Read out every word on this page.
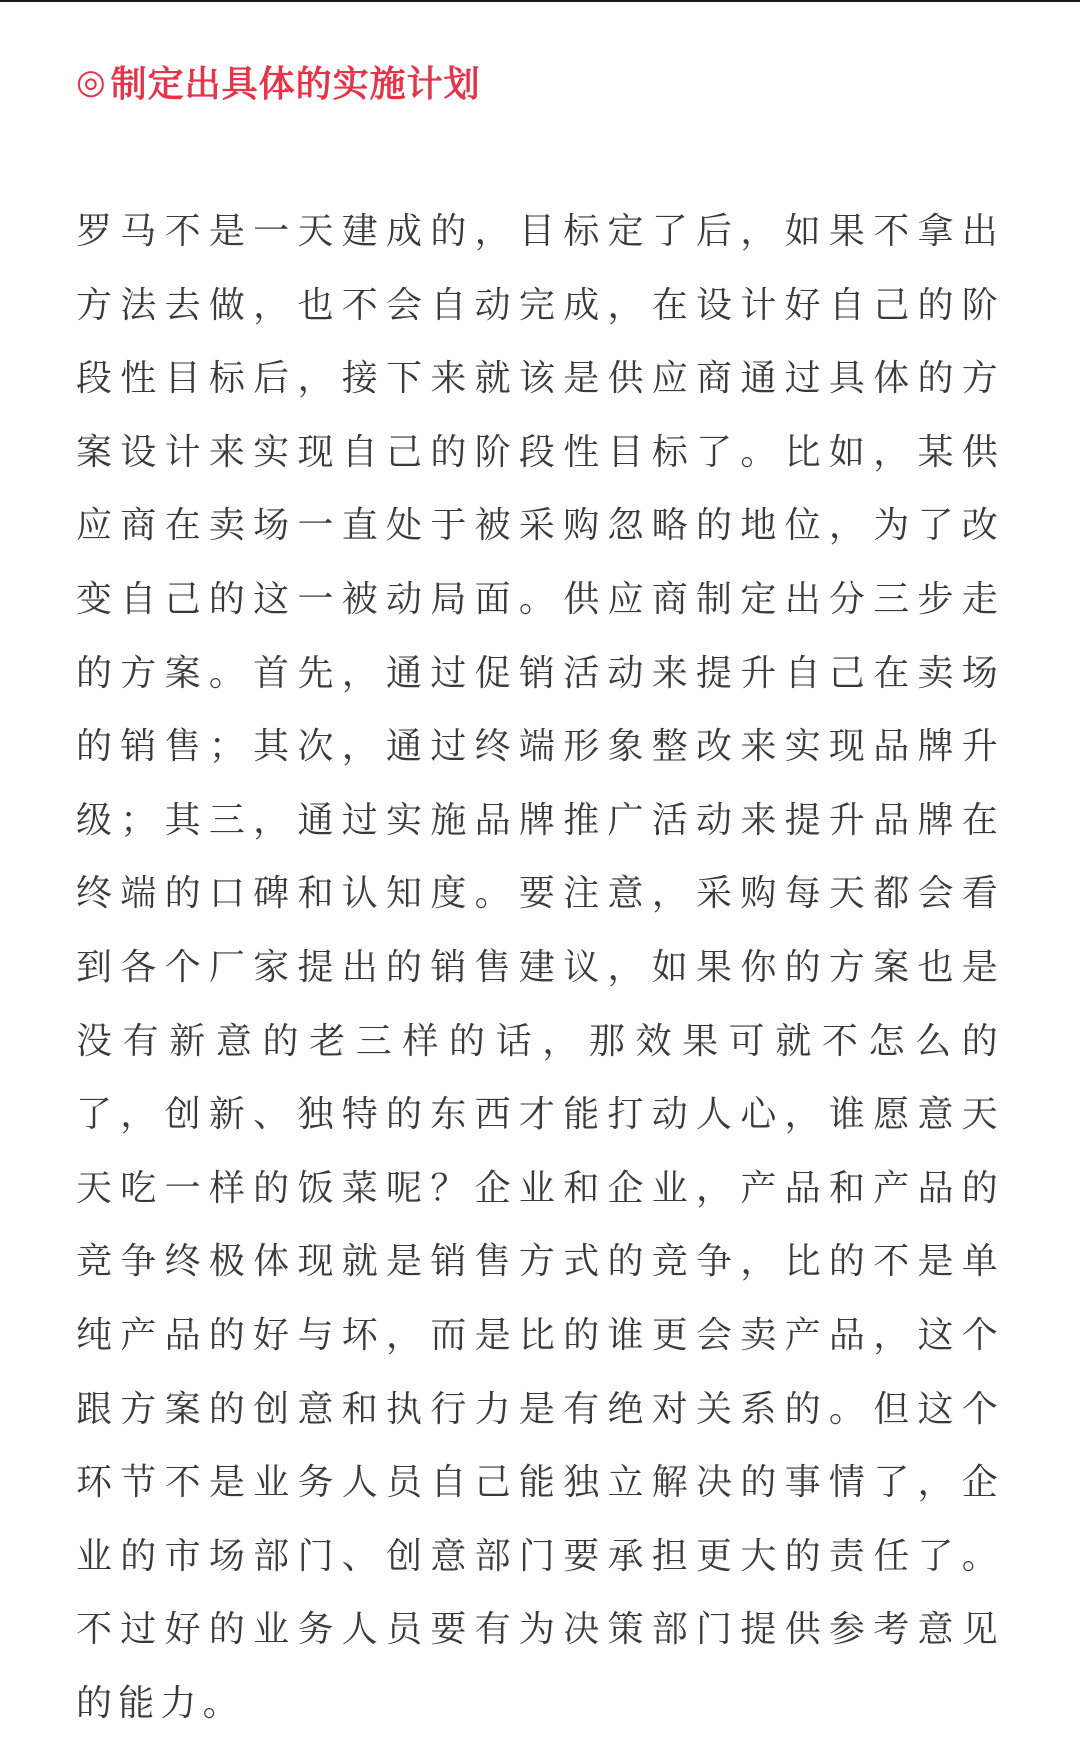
◎ 制定出具体的实施计划

罗马不是一天建成的，目标定了后，如果不拿出方法去做，也不会自动完成，在设计好自己的阶段性目标后，接下来就该是供应商通过具体的方案设计来实现自己的阶段性目标了。比如，某供应商在卖场一直处于被采购忽略的地位，为了改变自己的这一被动局面。供应商制定出分三步走的方案。首先，通过促销活动来提升自己在卖场的销售；其次，通过终端形象整改来实现品牌升级；其三，通过实施品牌推广活动来提升品牌在终端的口碑和认知度。要注意，采购每天都会看到各个厂家提出的销售建议，如果你的方案也是没有新意的老三样的话，那效果可就不怎么的了，创新、独特的东西才能打动人心，谁愿意天天吃一样的饭菜呢？企业和企业，产品和产品的竞争终极体现就是销售方式的竞争，比的不是单纯产品的好与坏，而是比的谁更会卖产品，这个跟方案的创意和执行力是有绝对关系的。但这个环节不是业务人员自己能独立解决的事情了，企业的市场部门、创意部门要承担更大的责任了。不过好的业务人员要有为决策部门提供参考意见的能力。
